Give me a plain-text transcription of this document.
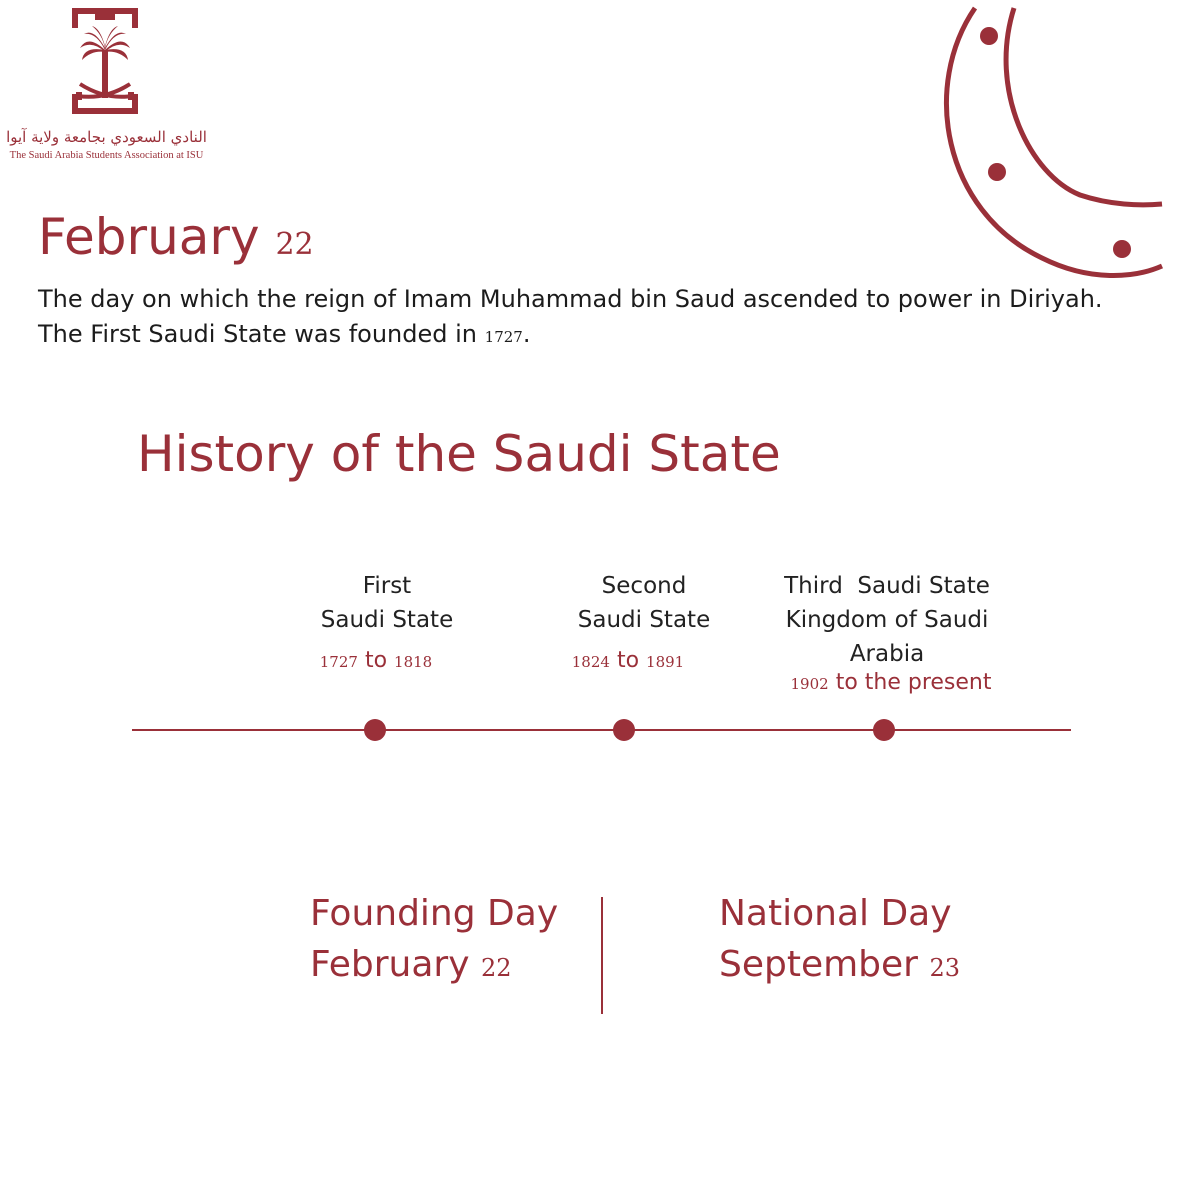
النادي السعودي بجامعة ولاية آيوا
The Saudi Arabia Students Association at ISU
February 22
The day on which the reign of Imam Muhammad bin Saud ascended to power in Diriyah.
The First Saudi State was founded in 1727.
History of the Saudi State
First
Saudi State
1727 to 1818
Second
Saudi State
1824 to 1891
Third  Saudi State
Kingdom of Saudi
Arabia
1902 to the present
Founding Day
February 22
National Day
September 23
